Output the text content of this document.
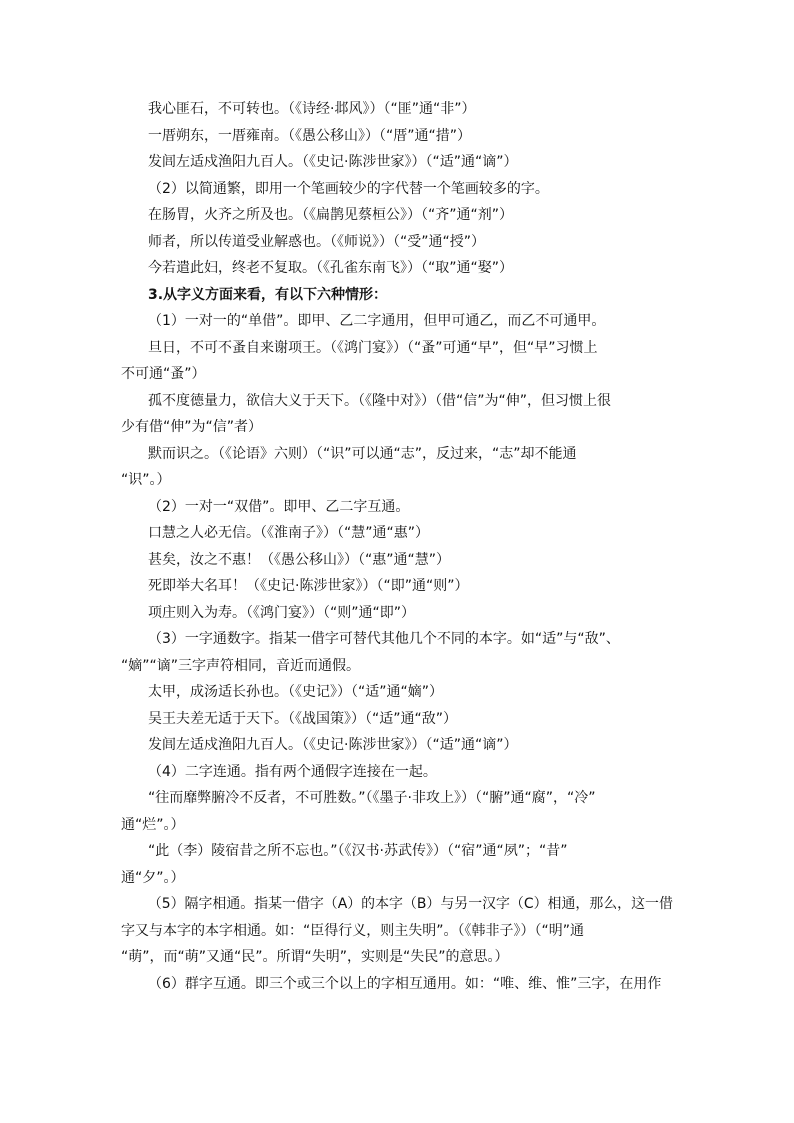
我心匪石，不可转也。（《诗经·邶风》）（“匪”通“非”）
一厝朔东，一厝雍南。（《愚公移山》）（“厝”通“措”）
发闾左适戍渔阳九百人。（《史记·陈涉世家》）（“适”通“谪”）
（2）以简通繁，即用一个笔画较少的字代替一个笔画较多的字。
在肠胃，火齐之所及也。（《扁鹊见蔡桓公》）（“齐”通“剂”）
师者，所以传道受业解惑也。（《师说》）（“受”通“授”）
今若遣此妇，终老不复取。（《孔雀东南飞》）（“取”通“娶”）
3.从字义方面来看，有以下六种情形：
（1）一对一的“单借”。即甲、乙二字通用，但甲可通乙，而乙不可通甲。
旦日，不可不蚤自来谢项王。（《鸿门宴》）（“蚤”可通“早”，但“早”习惯上
不可通“蚤”）
孤不度德量力，欲信大义于天下。（《隆中对》）（借“信”为“伸”，但习惯上很
少有借“伸”为“信”者）
默而识之。（《论语》六则）（“识”可以通“志”，反过来，“志”却不能通
“识”。）
（2）一对一“双借”。即甲、乙二字互通。
口慧之人必无信。（《淮南子》）（“慧”通“惠”）
甚矣，汝之不惠！（《愚公移山》）（“惠”通“慧”）
死即举大名耳！（《史记·陈涉世家》）（“即”通“则”）
项庄则入为寿。（《鸿门宴》）（“则”通“即”）
（3）一字通数字。指某一借字可替代其他几个不同的本字。如“适”与“敌”、
“嫡”“谪”三字声符相同，音近而通假。
太甲，成汤适长孙也。（《史记》）（“适”通“嫡”）
吴王夫差无适于天下。（《战国策》）（“适”通“敌”）
发闾左适戍渔阳九百人。（《史记·陈涉世家》）（“适”通“谪”）
（4）二字连通。指有两个通假字连接在一起。
“往而靡弊腑冷不反者，不可胜数。”（《墨子·非攻上》）（“腑”通“腐”，“冷”
通“烂”。）
“此（李）陵宿昔之所不忘也。”（《汉书·苏武传》）（“宿”通“夙”；“昔”
通“夕”。）
（5）隔字相通。指某一借字（A）的本字（B）与另一汉字（C）相通，那么，这一借
字又与本字的本字相通。如：“臣得行义，则主失明”。（《韩非子》）（“明”通
“萌”，而“萌”又通“民”。所谓“失明”，实则是“失民”的意思。）
（6）群字互通。即三个或三个以上的字相互通用。如：“唯、维、惟”三字，在用作
